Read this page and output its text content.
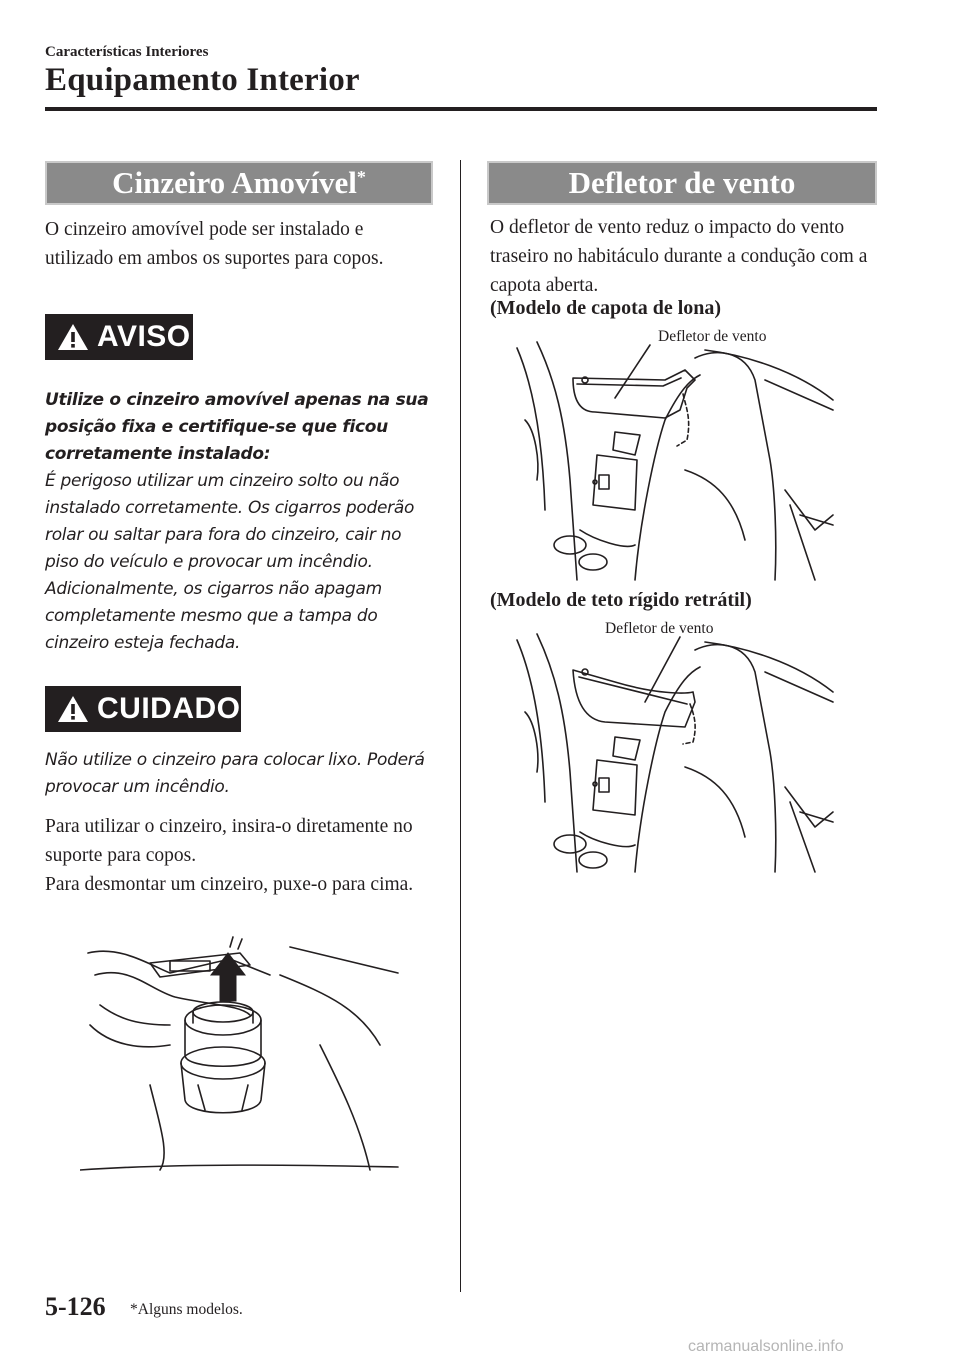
Características Interiores
Equipamento Interior
Cinzeiro Amovível*

O cinzeiro amovível pode ser instalado e utilizado em ambos os suportes para copos.

AVISO
Utilize o cinzeiro amovível apenas na sua posição fixa e certifique-se que ficou corretamente instalado:
É perigoso utilizar um cinzeiro solto ou não instalado corretamente. Os cigarros poderão rolar ou saltar para fora do cinzeiro, cair no piso do veículo e provocar um incêndio. Adicionalmente, os cigarros não apagam completamente mesmo que a tampa do cinzeiro esteja fechada.
CUIDADO
Não utilize o cinzeiro para colocar lixo. Poderá provocar um incêndio.
Para utilizar o cinzeiro, insira-o diretamente no suporte para copos.
Para desmontar um cinzeiro, puxe-o para cima.
Defletor de vento
O defletor de vento reduz o impacto do vento traseiro no habitáculo durante a condução com a capota aberta.
(Modelo de capota de lona)
Defletor de vento
(Modelo de teto rígido retrátil)
Defletor de vento
5-126 *Alguns modelos.
carmanualsonline.info
